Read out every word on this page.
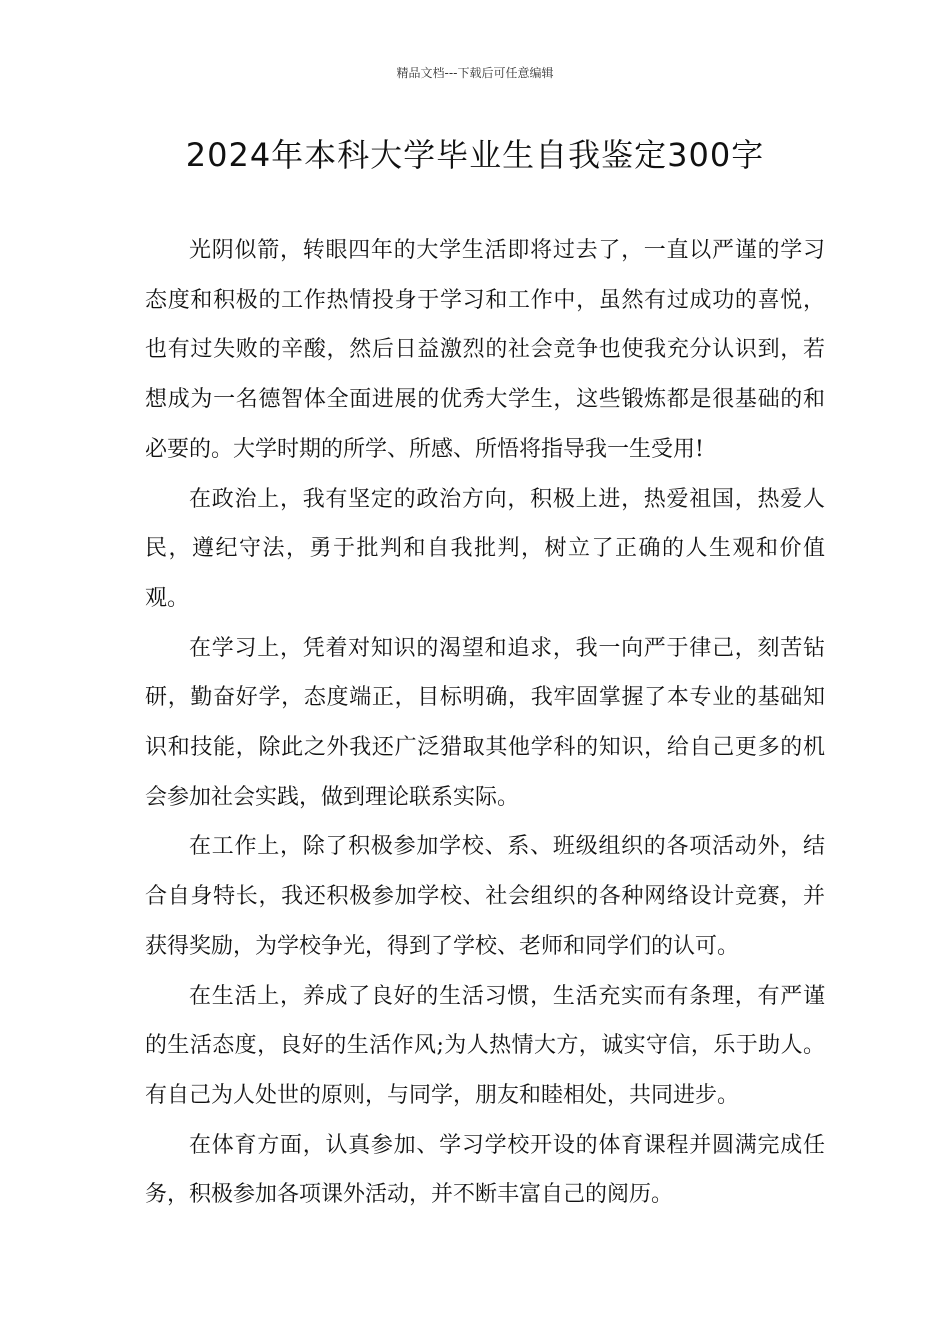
精品文档---下载后可任意编辑
2024年本科大学毕业生自我鉴定300字

光阴似箭，转眼四年的大学生活即将过去了，一直以严谨的学习态度和积极的工作热情投身于学习和工作中，虽然有过成功的喜悦，也有过失败的辛酸，然后日益激烈的社会竞争也使我充分认识到，若想成为一名德智体全面进展的优秀大学生，这些锻炼都是很基础的和必要的。大学时期的所学、所感、所悟将指导我一生受用!

在政治上，我有坚定的政治方向，积极上进，热爱祖国，热爱人民，遵纪守法，勇于批判和自我批判，树立了正确的人生观和价值观。

在学习上，凭着对知识的渴望和追求，我一向严于律己，刻苦钻研，勤奋好学，态度端正，目标明确，我牢固掌握了本专业的基础知识和技能，除此之外我还广泛猎取其他学科的知识，给自己更多的机会参加社会实践，做到理论联系实际。

在工作上，除了积极参加学校、系、班级组织的各项活动外，结合自身特长，我还积极参加学校、社会组织的各种网络设计竞赛，并获得奖励，为学校争光，得到了学校、老师和同学们的认可。

在生活上，养成了良好的生活习惯，生活充实而有条理，有严谨的生活态度，良好的生活作风;为人热情大方，诚实守信，乐于助人。有自己为人处世的原则，与同学，朋友和睦相处，共同进步。

在体育方面，认真参加、学习学校开设的体育课程并圆满完成任务，积极参加各项课外活动，并不断丰富自己的阅历。
